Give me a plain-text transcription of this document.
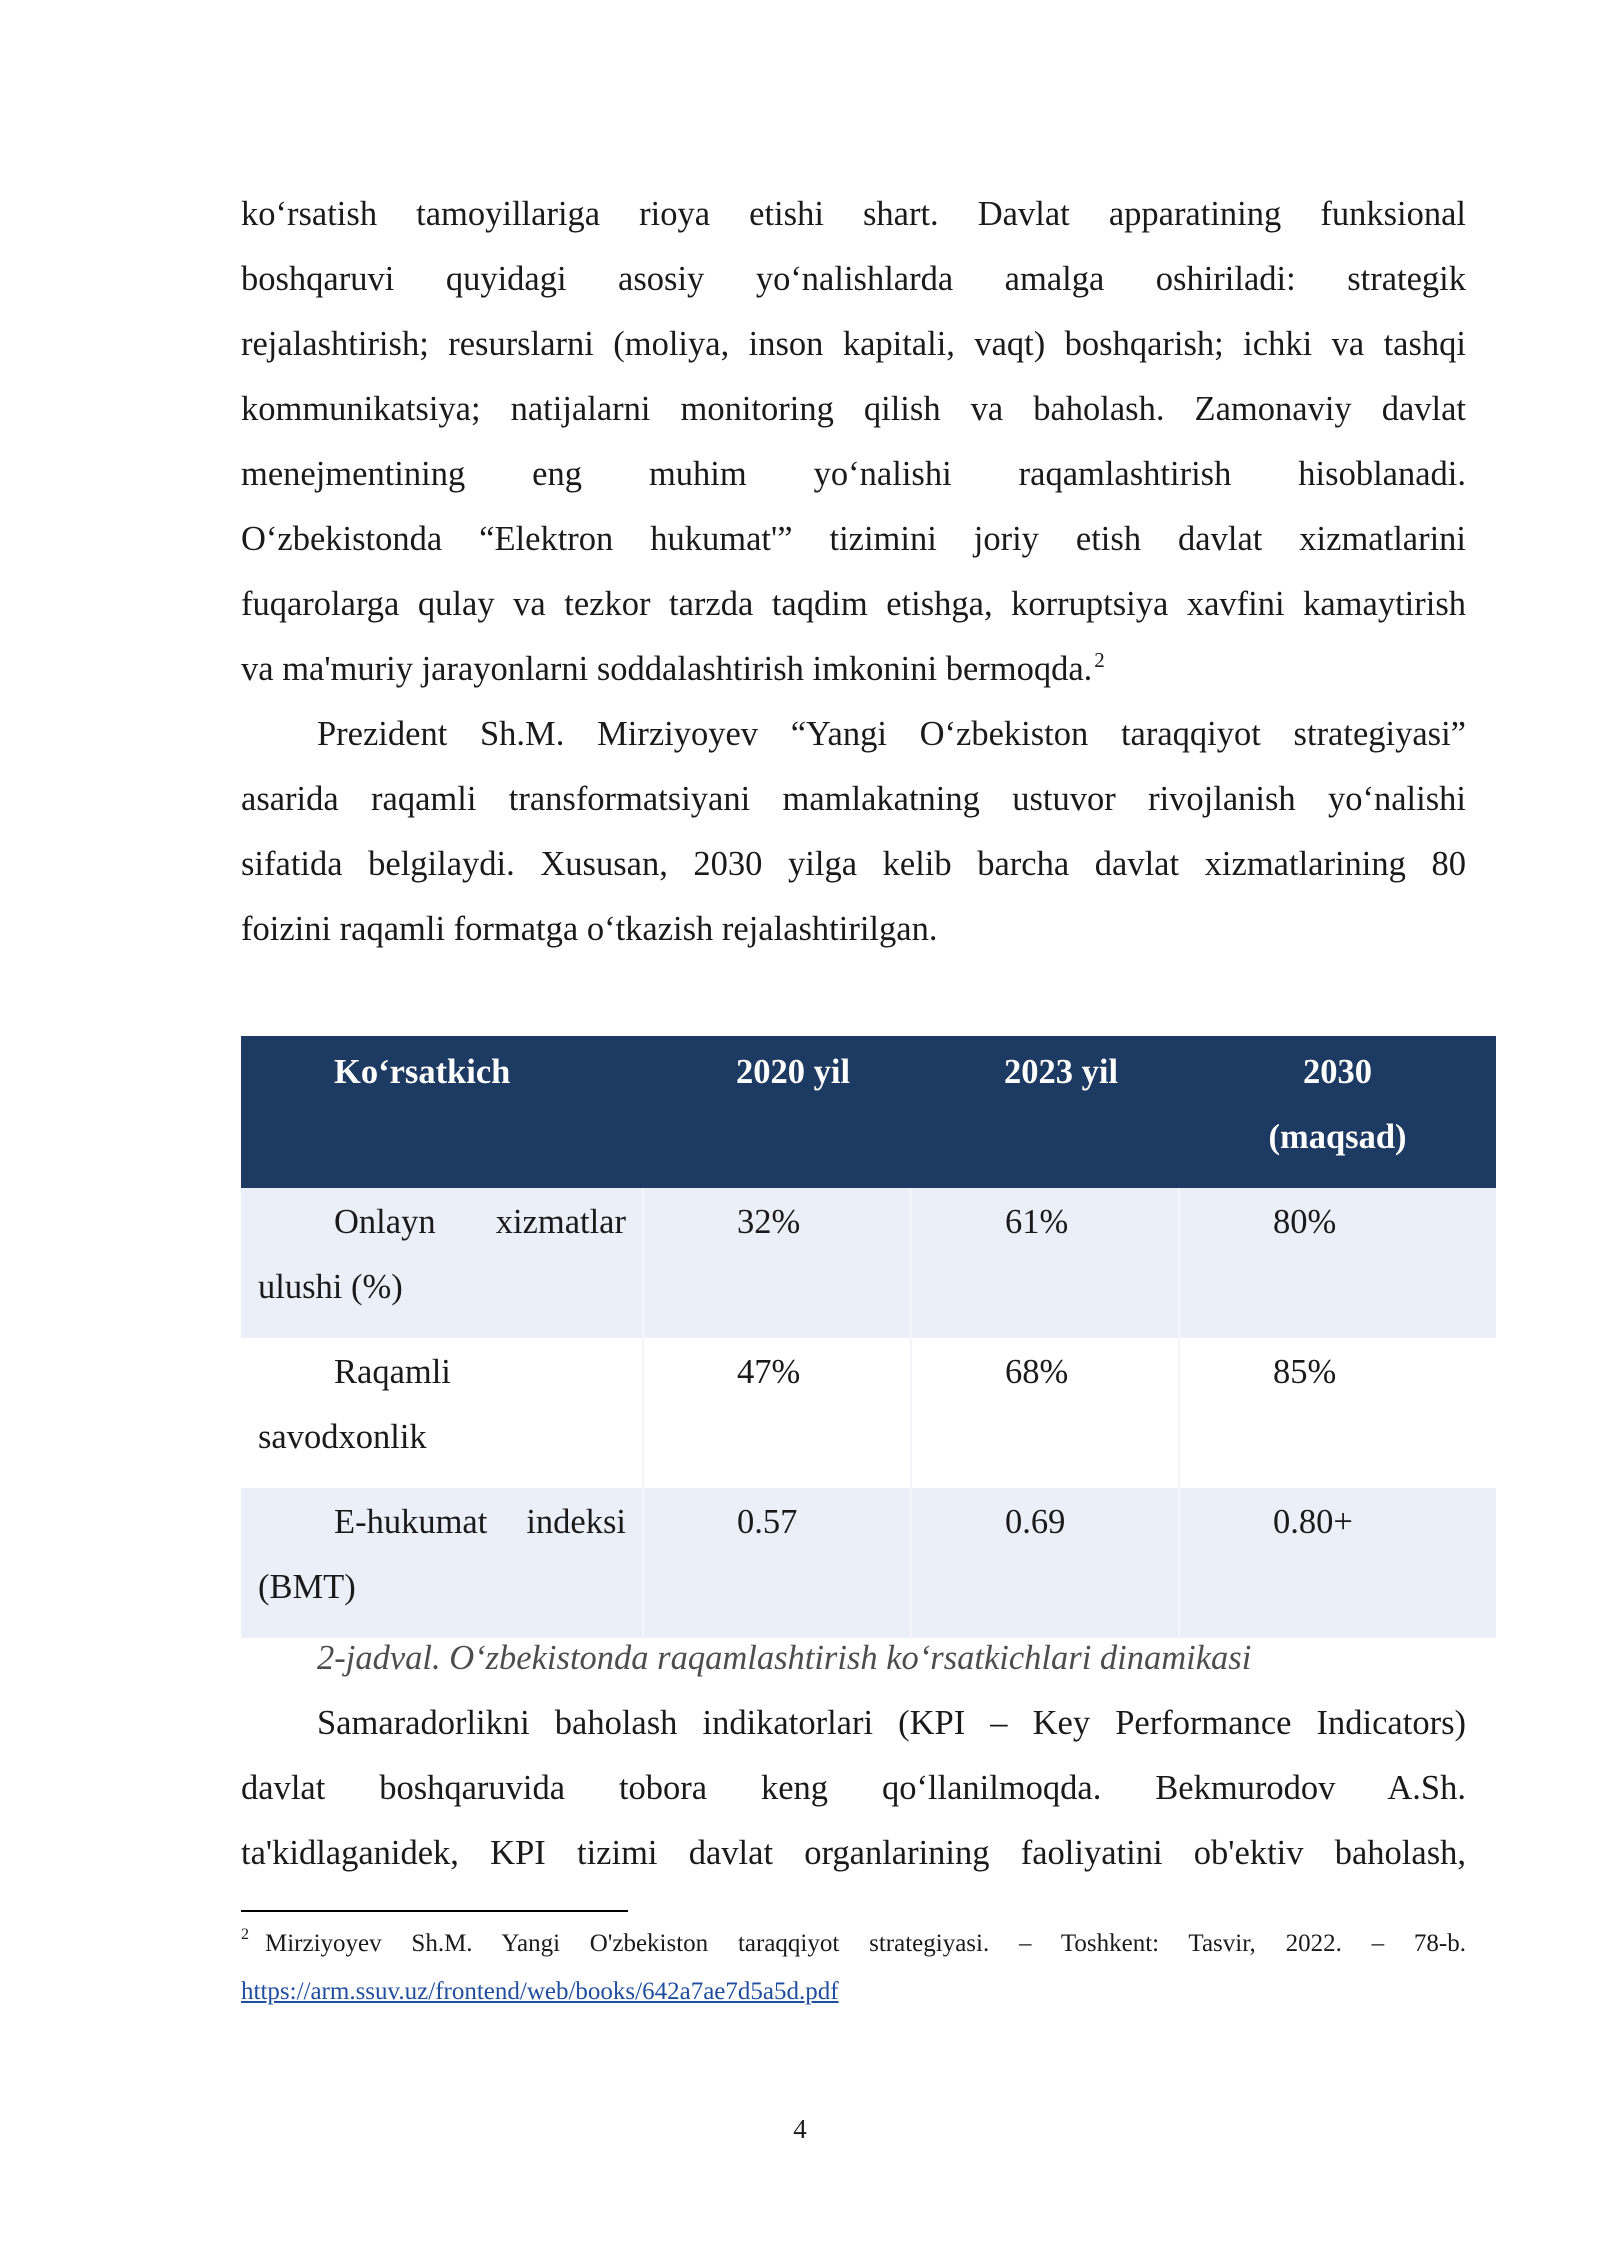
ko‘rsatish tamoyillariga rioya etishi shart. Davlat apparatining funksional
boshqaruvi quyidagi asosiy yo‘nalishlarda amalga oshiriladi: strategik
rejalashtirish; resurslarni (moliya, inson kapitali, vaqt) boshqarish; ichki va tashqi
kommunikatsiya; natijalarni monitoring qilish va baholash. Zamonaviy davlat
menejmentining eng muhim yo‘nalishi raqamlashtirish hisoblanadi.
O‘zbekistonda “Elektron hukumat'” tizimini joriy etish davlat xizmatlarini
fuqarolarga qulay va tezkor tarzda taqdim etishga, korruptsiya xavfini kamaytirish
va ma'muriy jarayonlarni soddalashtirish imkonini bermoqda.$^2$
Prezident Sh.M. Mirziyoyev “Yangi O‘zbekiston taraqqiyot strategiyasi”
asarida raqamli transformatsiyani mamlakatning ustuvor rivojlanish yo‘nalishi
sifatida belgilaydi. Xususan, 2030 yilga kelib barcha davlat xizmatlarining 80
foizini raqamli formatga o‘tkazish rejalashtirilgan.
Ko‘rsatkich	2020 yil	2023 yil	2030
(maqsad)

Onlayn xizmatlar
ulushi (%)	32%	61%	80%

Raqamli
savodxonlik	47%	68%	85%

E-hukumat indeksi
(BMT)	0.57	0.69	0.80+
2-jadval. O‘zbekistonda raqamlashtirish ko‘rsatkichlari dinamikasi
Samaradorlikni baholash indikatorlari (KPI – Key Performance Indicators)
davlat boshqaruvida tobora keng qo‘llanilmoqda. Bekmurodov A.Sh.
ta'kidlaganidek, KPI tizimi davlat organlarining faoliyatini ob'ektiv baholash,
$^2$ Mirziyoyev Sh.M. Yangi O'zbekiston taraqqiyot strategiyasi. – Toshkent: Tasvir, 2022. – 78-b.
https://arm.ssuv.uz/frontend/web/books/642a7ae7d5a5d.pdf
4
